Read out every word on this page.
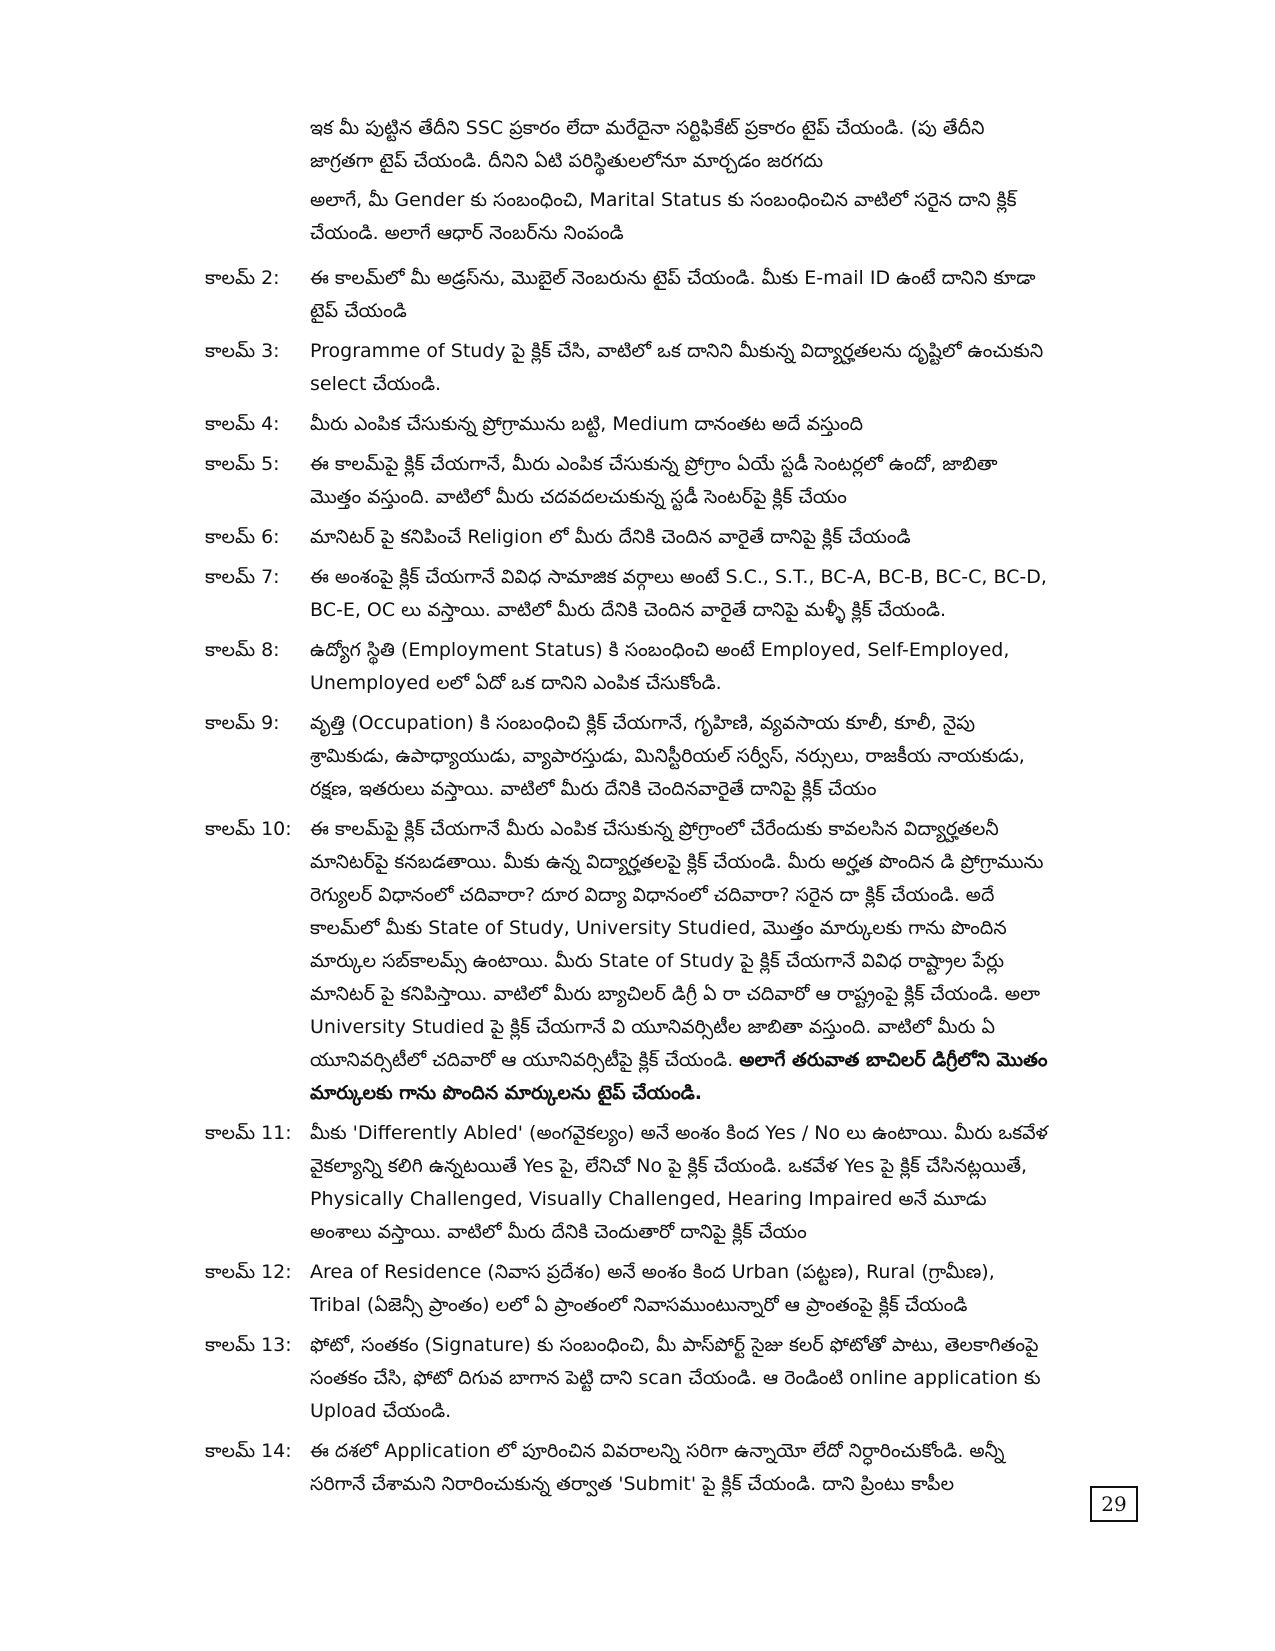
ఇక మీ పుట్టిన తేదీని SSC ప్రకారం లేదా మరేదైనా సర్టిఫికేట్ ప్రకారం టైప్ చేయండి. (పు తేదీని జాగ్రతగా టైప్ చేయండి. దీనిని ఏటి పరిస్థితులలోనూ మార్చడం జరగదు

అలాగే, మీ Gender కు సంబంధించి, Marital Status కు సంబంధించిన వాటిలో సరైన దాని క్లిక్ చేయండి. అలాగే ఆధార్ నెంబర్‌ను నింపండి

కాలమ్ 2:	ఈ కాలమ్‌లో మీ అడ్రస్‌ను, మొబైల్ నెంబరును టైప్ చేయండి. మీకు E-mail ID ఉంటే దానిని కూడా టైప్ చేయండి

కాలమ్ 3:	Programme of Study పై క్లిక్ చేసి, వాటిలో ఒక దానిని మీకున్న విద్యార్హతలను దృష్టిలో ఉంచుకుని select చేయండి.

కాలమ్ 4:	మీరు ఎంపిక చేసుకున్న ప్రోగ్రామును బట్టి, Medium దానంతట అదే వస్తుంది

కాలమ్ 5:	ఈ కాలమ్‌పై క్లిక్ చేయగానే, మీరు ఎంపిక చేసుకున్న ప్రోగ్రాం ఏయే స్టడీ సెంటర్లలో ఉందో, జాబితా మొత్తం వస్తుంది. వాటిలో మీరు చదవదలచుకున్న స్టడీ సెంటర్‌పై క్లిక్ చేయం

కాలమ్ 6:	మానిటర్ పై కనిపించే Religion లో మీరు దేనికి చెందిన వారైతే దానిపై క్లిక్ చేయండి

కాలమ్ 7:	ఈ అంశంపై క్లిక్ చేయగానే వివిధ సామాజిక వర్గాలు అంటే S.C., S.T., BC-A, BC-B, BC-C, BC-D, BC-E, OC లు వస్తాయి. వాటిలో మీరు దేనికి చెందిన వారైతే దానిపై మళ్ళీ క్లిక్ చేయండి.

కాలమ్ 8:	ఉద్యోగ స్థితి (Employment Status) కి సంబంధించి అంటే Employed, Self-Employed, Unemployed లలో ఏదో ఒక దానిని ఎంపిక చేసుకోండి.

కాలమ్ 9:	వృత్తి (Occupation) కి సంబంధించి క్లిక్ చేయగానే, గృహిణి, వ్యవసాయ కూలీ, కూలీ, నైపు శ్రామికుడు, ఉపాధ్యాయుడు, వ్యాపారస్తుడు, మినిస్టీరియల్ సర్వీస్, నర్సులు, రాజకీయ నాయకుడు, రక్షణ, ఇతరులు వస్తాయి. వాటిలో మీరు దేనికి చెందినవారైతే దానిపై క్లిక్ చేయం

కాలమ్ 10: ఈ కాలమ్‌పై క్లిక్ చేయగానే మీరు ఎంపిక చేసుకున్న ప్రోగ్రాంలో చేరేందుకు కావలసిన విద్యార్హతలనీ మానిటర్‌పై కనబడతాయి. మీకు ఉన్న విద్యార్హతలపై క్లిక్ చేయండి. మీరు అర్హత పొందిన డి ప్రోగ్రామును రెగ్యులర్ విధానంలో చదివారా? దూర విద్యా విధానంలో చదివారా? సరైన దా క్లిక్ చేయండి. అదే కాలమ్‌లో మీకు State of Study, University Studied, మొత్తం మార్కులకు గాను పొందిన మార్కుల సబ్‌కాలమ్స్ ఉంటాయి. మీరు State of Study పై క్లిక్ చేయగానే వివిధ రాష్ట్రాల పేర్లు మానిటర్ పై కనిపిస్తాయి. వాటిలో మీరు బ్యాచిలర్ డిగ్రీ ఏ రా చదివారో ఆ రాష్ట్రంపై క్లిక్ చేయండి. అలా University Studied పై క్లిక్ చేయగానే వి యూనివర్సిటీల జాబితా వస్తుంది. వాటిలో మీరు ఏ యూనివర్సిటీలో చదివారో ఆ యూనివర్సిటీపై క్లిక్ చేయండి. అలాగే తరువాత బాచిలర్ డిగ్రీలోని మొతం మార్కులకు గాను పొందిన మార్కులను టైప్ చేయండి.
కాలమ్ 11: మీకు 'Differently Abled' (అంగవైకల్యం) అనే అంశం కింద Yes / No లు ఉంటాయి. మీరు ఒకవేళ వైకల్యాన్ని కలిగి ఉన్నటయితే Yes పై, లేనిచో No పై క్లిక్ చేయండి. ఒకవేళ Yes పై క్లిక్ చేసినట్లయితే, Physically Challenged, Visually Challenged, Hearing Impaired అనే మూడు అంశాలు వస్తాయి. వాటిలో మీరు దేనికి చెందుతారో దానిపై క్లిక్ చేయం

కాలమ్ 12: Area of Residence (నివాస ప్రదేశం) అనే అంశం కింద Urban (పట్టణ), Rural (గ్రామీణ), Tribal (ఏజెన్సీ ప్రాంతం) లలో ఏ ప్రాంతంలో నివాసముంటున్నారో ఆ ప్రాంతంపై క్లిక్ చేయండి

కాలమ్ 13: ఫోటో, సంతకం (Signature) కు సంబంధించి, మీ పాస్‌పోర్ట్ సైజు కలర్ ఫోటోతో పాటు, తెలకాగితంపై సంతకం చేసి, ఫోటో దిగువ బాగాన పెట్టి దాని scan చేయండి. ఆ రెండింటి online application కు Upload చేయండి.

కాలమ్ 14: ఈ దశలో Application లో పూరించిన వివరాలన్ని సరిగా ఉన్నాయో లేదో నిర్ధారించుకోండి. అన్నీ సరిగానే చేశామని నిరారించుకున్న తర్వాత 'Submit' పై క్లిక్ చేయండి. దాని ప్రింటు కాపీల

29
